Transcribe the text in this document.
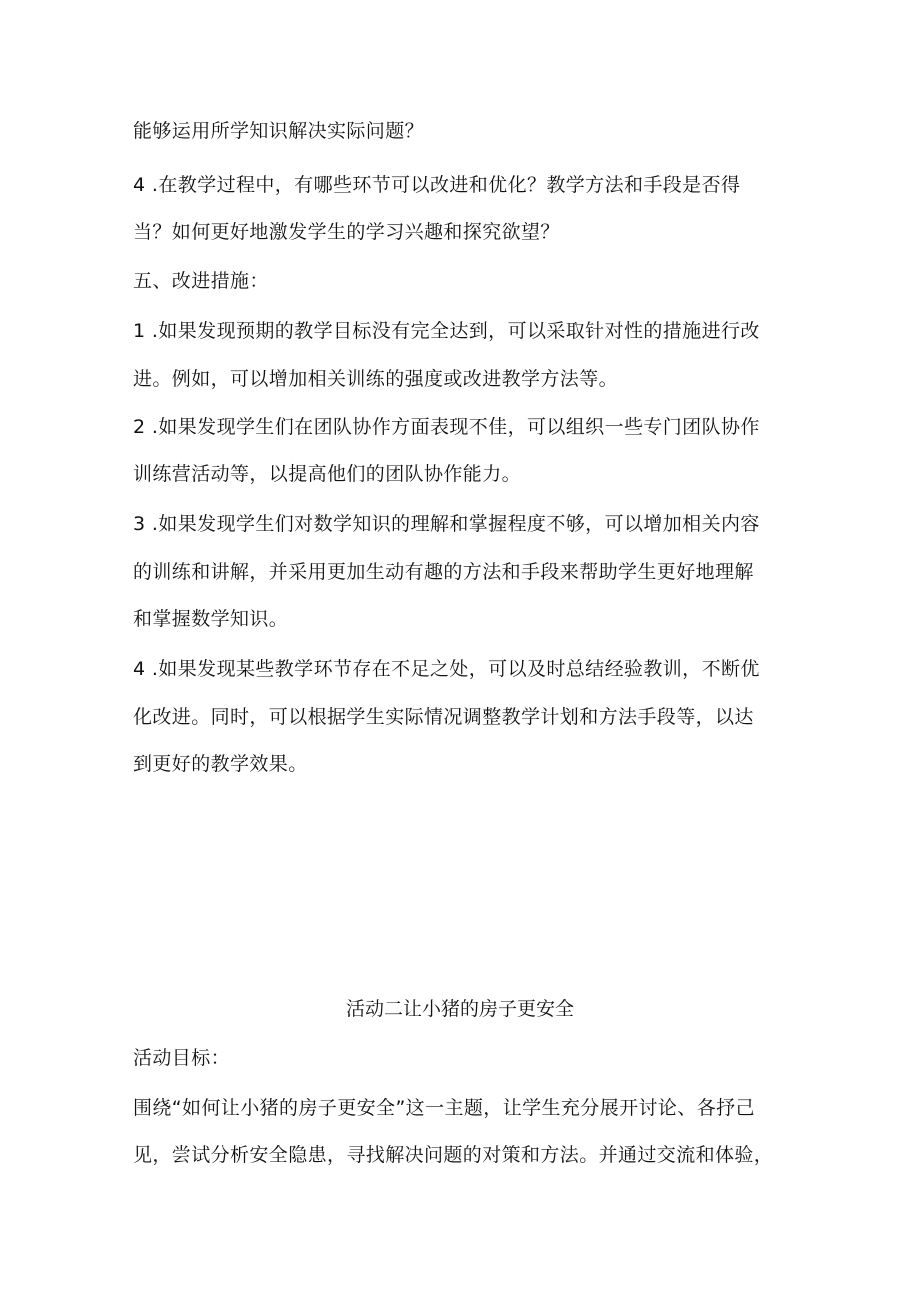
能够运用所学知识解决实际问题？
4 .在教学过程中，有哪些环节可以改进和优化？教学方法和手段是否得
当？如何更好地激发学生的学习兴趣和探究欲望？
五、改进措施：
1 .如果发现预期的教学目标没有完全达到，可以采取针对性的措施进行改
进。例如，可以增加相关训练的强度或改进教学方法等。
2 .如果发现学生们在团队协作方面表现不佳，可以组织一些专门团队协作
训练营活动等，以提高他们的团队协作能力。
3 .如果发现学生们对数学知识的理解和掌握程度不够，可以增加相关内容
的训练和讲解，并采用更加生动有趣的方法和手段来帮助学生更好地理解
和掌握数学知识。
4 .如果发现某些教学环节存在不足之处，可以及时总结经验教训，不断优
化改进。同时，可以根据学生实际情况调整教学计划和方法手段等，以达
到更好的教学效果。
活动二让小猪的房子更安全
活动目标：
围绕“如何让小猪的房子更安全”这一主题，让学生充分展开讨论、各抒己
见，尝试分析安全隐患，寻找解决问题的对策和方法。并通过交流和体验，
